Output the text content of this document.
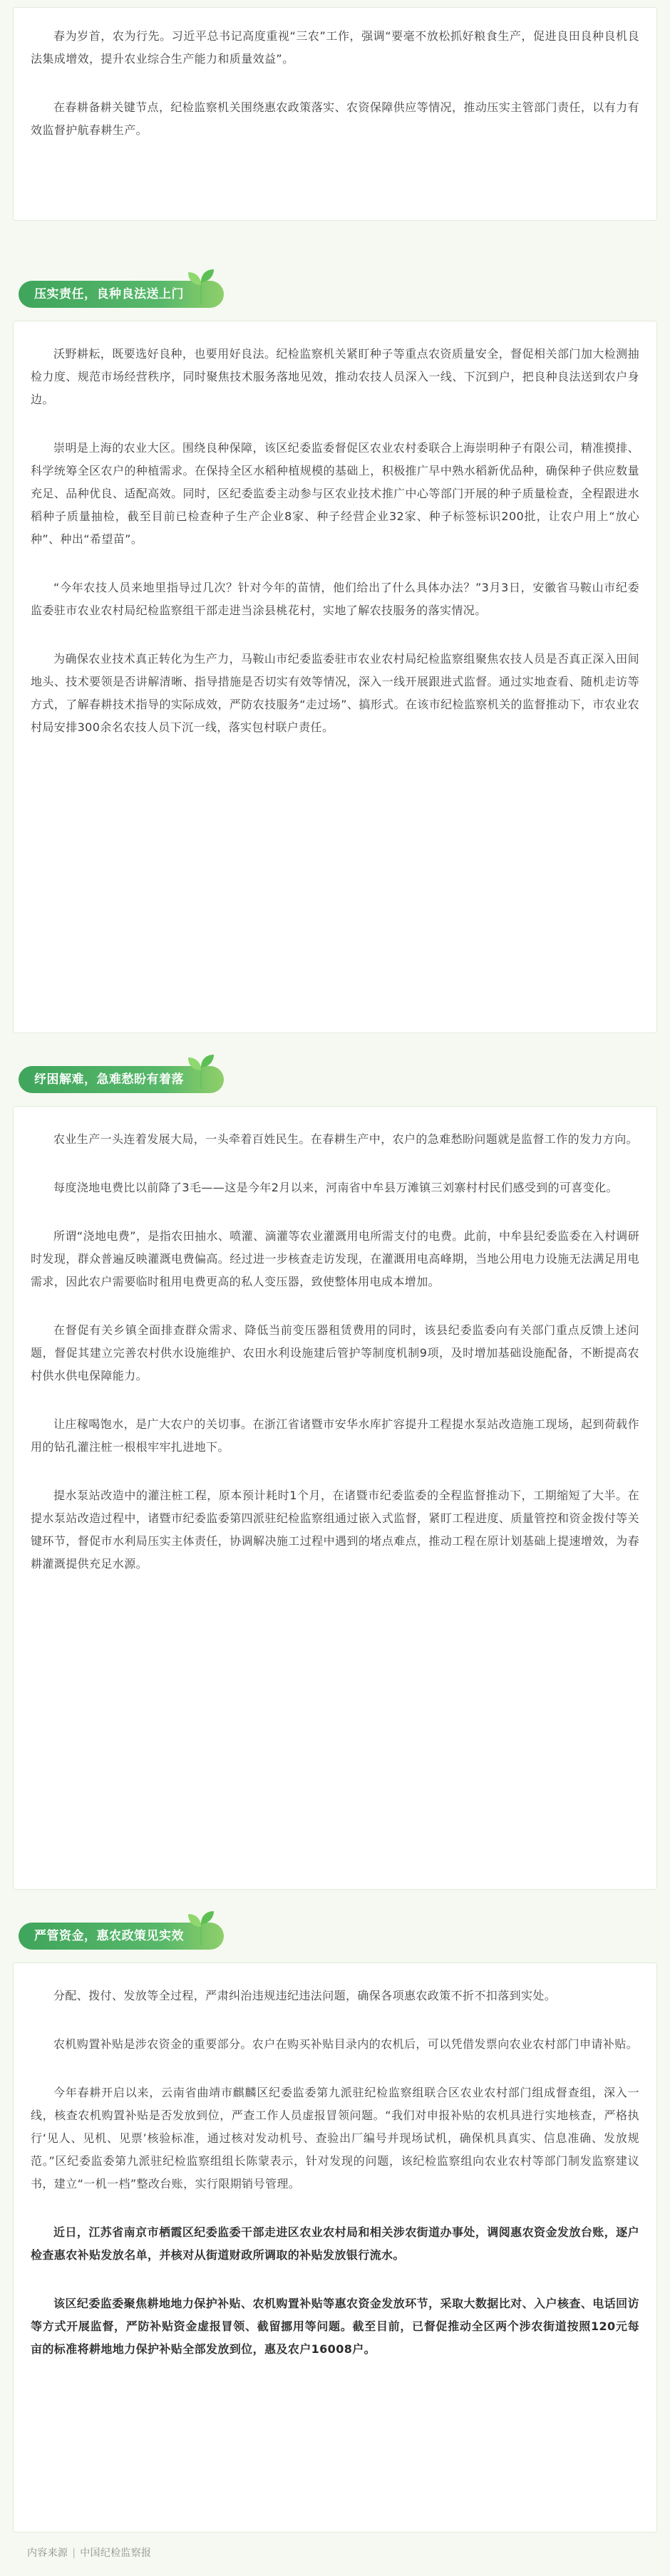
春为岁首，农为行先。习近平总书记高度重视“三农”工作，强调“要毫不放松抓好粮食生产，促进良田良种良机良法集成增效，提升农业综合生产能力和质量效益”。

在春耕备耕关键节点，纪检监察机关围绕惠农政策落实、农资保障供应等情况，推动压实主管部门责任，以有力有效监督护航春耕生产。

压实责任，良种良法送上门

沃野耕耘，既要选好良种，也要用好良法。纪检监察机关紧盯种子等重点农资质量安全，督促相关部门加大检测抽检力度、规范市场经营秩序，同时聚焦技术服务落地见效，推动农技人员深入一线、下沉到户，把良种良法送到农户身边。

崇明是上海的农业大区。围绕良种保障，该区纪委监委督促区农业农村委联合上海崇明种子有限公司，精准摸排、科学统筹全区农户的种植需求。在保持全区水稻种植规模的基础上，积极推广早中熟水稻新优品种，确保种子供应数量充足、品种优良、适配高效。同时，区纪委监委主动参与区农业技术推广中心等部门开展的种子质量检查，全程跟进水稻种子质量抽检，截至目前已检查种子生产企业8家、种子经营企业32家、种子标签标识200批，让农户用上“放心种”、种出“希望苗”。

“今年农技人员来地里指导过几次？针对今年的苗情，他们给出了什么具体办法？”3月3日，安徽省马鞍山市纪委监委驻市农业农村局纪检监察组干部走进当涂县桃花村，实地了解农技服务的落实情况。

为确保农业技术真正转化为生产力，马鞍山市纪委监委驻市农业农村局纪检监察组聚焦农技人员是否真正深入田间地头、技术要领是否讲解清晰、指导措施是否切实有效等情况，深入一线开展跟进式监督。通过实地查看、随机走访等方式，了解春耕技术指导的实际成效，严防农技服务“走过场”、搞形式。在该市纪检监察机关的监督推动下，市农业农村局安排300余名农技人员下沉一线，落实包村联户责任。

纾困解难，急难愁盼有着落

农业生产一头连着发展大局，一头牵着百姓民生。在春耕生产中，农户的急难愁盼问题就是监督工作的发力方向。

每度浇地电费比以前降了3毛——这是今年2月以来，河南省中牟县万滩镇三刘寨村村民们感受到的可喜变化。

所谓“浇地电费”，是指农田抽水、喷灌、滴灌等农业灌溉用电所需支付的电费。此前，中牟县纪委监委在入村调研时发现，群众普遍反映灌溉电费偏高。经过进一步核查走访发现，在灌溉用电高峰期，当地公用电力设施无法满足用电需求，因此农户需要临时租用电费更高的私人变压器，致使整体用电成本增加。

在督促有关乡镇全面排查群众需求、降低当前变压器租赁费用的同时，该县纪委监委向有关部门重点反馈上述问题，督促其建立完善农村供水设施维护、农田水利设施建后管护等制度机制9项，及时增加基础设施配备，不断提高农村供水供电保障能力。

让庄稼喝饱水，是广大农户的关切事。在浙江省诸暨市安华水库扩容提升工程提水泵站改造施工现场，起到荷载作用的钻孔灌注桩一根根牢牢扎进地下。

提水泵站改造中的灌注桩工程，原本预计耗时1个月，在诸暨市纪委监委的全程监督推动下，工期缩短了大半。在提水泵站改造过程中，诸暨市纪委监委第四派驻纪检监察组通过嵌入式监督，紧盯工程进度、质量管控和资金拨付等关键环节，督促市水利局压实主体责任，协调解决施工过程中遇到的堵点难点，推动工程在原计划基础上提速增效，为春耕灌溉提供充足水源。

严管资金，惠农政策见实效

分配、拨付、发放等全过程，严肃纠治违规违纪违法问题，确保各项惠农政策不折不扣落到实处。

农机购置补贴是涉农资金的重要部分。农户在购买补贴目录内的农机后，可以凭借发票向农业农村部门申请补贴。

今年春耕开启以来，云南省曲靖市麒麟区纪委监委第九派驻纪检监察组联合区农业农村部门组成督查组，深入一线，核查农机购置补贴是否发放到位，严查工作人员虚报冒领问题。“我们对申报补贴的农机具进行实地核查，严格执行‘见人、见机、见票’核验标准，通过核对发动机号、查验出厂编号并现场试机，确保机具真实、信息准确、发放规范。”区纪委监委第九派驻纪检监察组组长陈蒙表示，针对发现的问题，该纪检监察组向农业农村等部门制发监察建议书，建立“一机一档”整改台账，实行限期销号管理。

近日，江苏省南京市栖霞区纪委监委干部走进区农业农村局和相关涉农街道办事处，调阅惠农资金发放台账，逐户检查惠农补贴发放名单，并核对从街道财政所调取的补贴发放银行流水。

该区纪委监委聚焦耕地地力保护补贴、农机购置补贴等惠农资金发放环节，采取大数据比对、入户核查、电话回访等方式开展监督，严防补贴资金虚报冒领、截留挪用等问题。截至目前，已督促推动全区两个涉农街道按照120元每亩的标准将耕地地力保护补贴全部发放到位，惠及农户16008户。

内容来源 | 中国纪检监察报
